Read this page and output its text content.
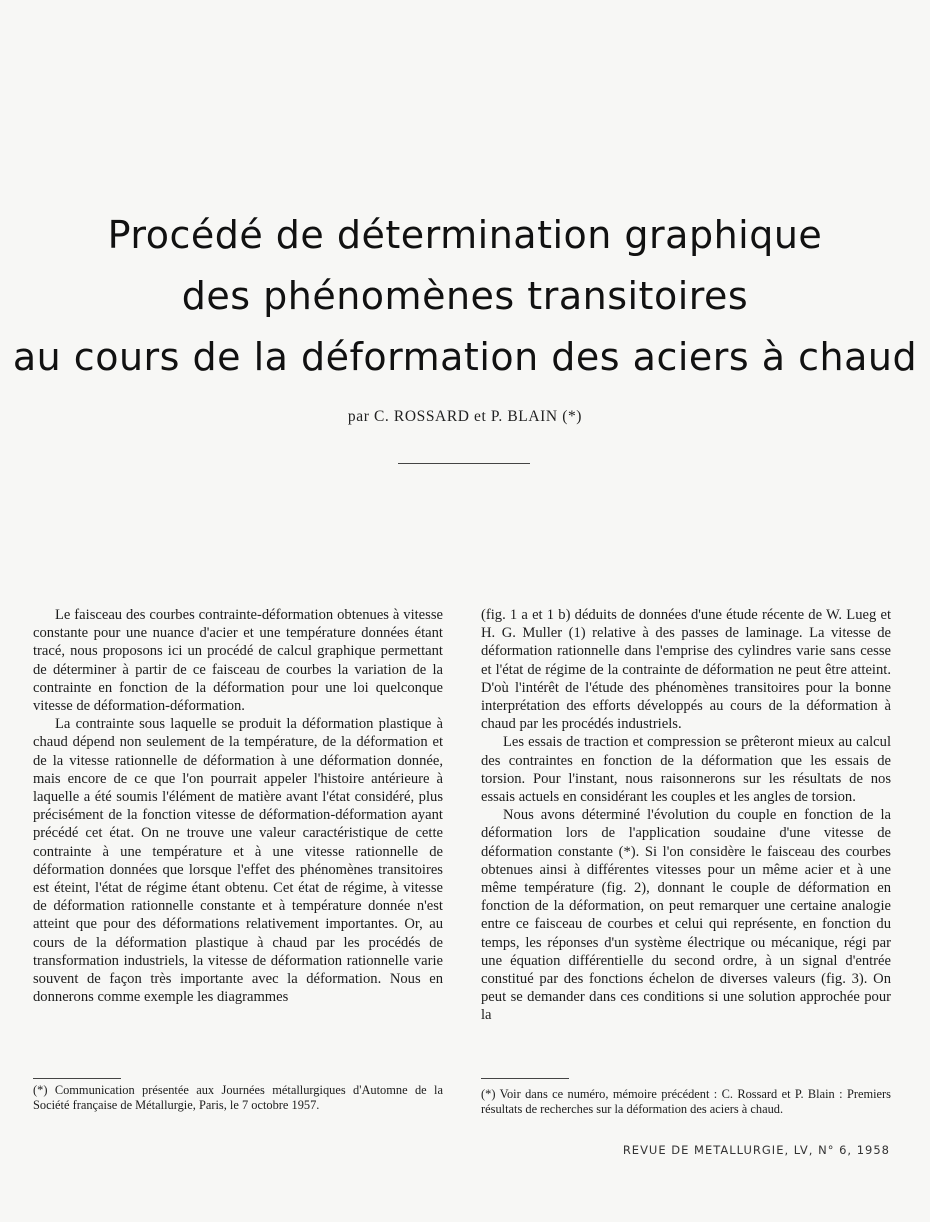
Procédé de détermination graphique
des phénomènes transitoires
au cours de la déformation des aciers à chaud
par C. ROSSARD et P. BLAIN (*)

Le faisceau des courbes contrainte-déformation obtenues à vitesse constante pour une nuance d'acier et une température données étant tracé, nous proposons ici un procédé de calcul graphique permettant de déterminer à partir de ce faisceau de courbes la variation de la contrainte en fonction de la déformation pour une loi quelconque vitesse de déformation-déformation.

La contrainte sous laquelle se produit la déformation plastique à chaud dépend non seulement de la température, de la déformation et de la vitesse rationnelle de déformation à une déformation donnée, mais encore de ce que l'on pourrait appeler l'histoire antérieure à laquelle a été soumis l'élément de matière avant l'état considéré, plus précisément de la fonction vitesse de déformation-déformation ayant précédé cet état. On ne trouve une valeur caractéristique de cette contrainte à une température et à une vitesse rationnelle de déformation données que lorsque l'effet des phénomènes transitoires est éteint, l'état de régime étant obtenu. Cet état de régime, à vitesse de déformation rationnelle constante et à température donnée n'est atteint que pour des déformations relativement importantes. Or, au cours de la déformation plastique à chaud par les procédés de transformation industriels, la vitesse de déformation rationnelle varie souvent de façon très importante avec la déformation. Nous en donnerons comme exemple les diagrammes

(fig. 1 a et 1 b) déduits de données d'une étude récente de W. Lueg et H. G. Muller (1) relative à des passes de laminage. La vitesse de déformation rationnelle dans l'emprise des cylindres varie sans cesse et l'état de régime de la contrainte de déformation ne peut être atteint. D'où l'intérêt de l'étude des phénomènes transitoires pour la bonne interprétation des efforts développés au cours de la déformation à chaud par les procédés industriels.

Les essais de traction et compression se prêteront mieux au calcul des contraintes en fonction de la déformation que les essais de torsion. Pour l'instant, nous raisonnerons sur les résultats de nos essais actuels en considérant les couples et les angles de torsion.

Nous avons déterminé l'évolution du couple en fonction de la déformation lors de l'application soudaine d'une vitesse de déformation constante (*). Si l'on considère le faisceau des courbes obtenues ainsi à différentes vitesses pour un même acier et à une même température (fig. 2), donnant le couple de déformation en fonction de la déformation, on peut remarquer une certaine analogie entre ce faisceau de courbes et celui qui représente, en fonction du temps, les réponses d'un système électrique ou mécanique, régi par une équation différentielle du second ordre, à un signal d'entrée constitué par des fonctions échelon de diverses valeurs (fig. 3). On peut se demander dans ces conditions si une solution approchée pour la

(*) Communication présentée aux Journées métallurgiques d'Automne de la Société française de Métallurgie, Paris, le 7 octobre 1957.
(*) Voir dans ce numéro, mémoire précédent : C. Rossard et P. Blain : Premiers résultats de recherches sur la déformation des aciers à chaud.
REVUE DE METALLURGIE, LV, N° 6, 1958
